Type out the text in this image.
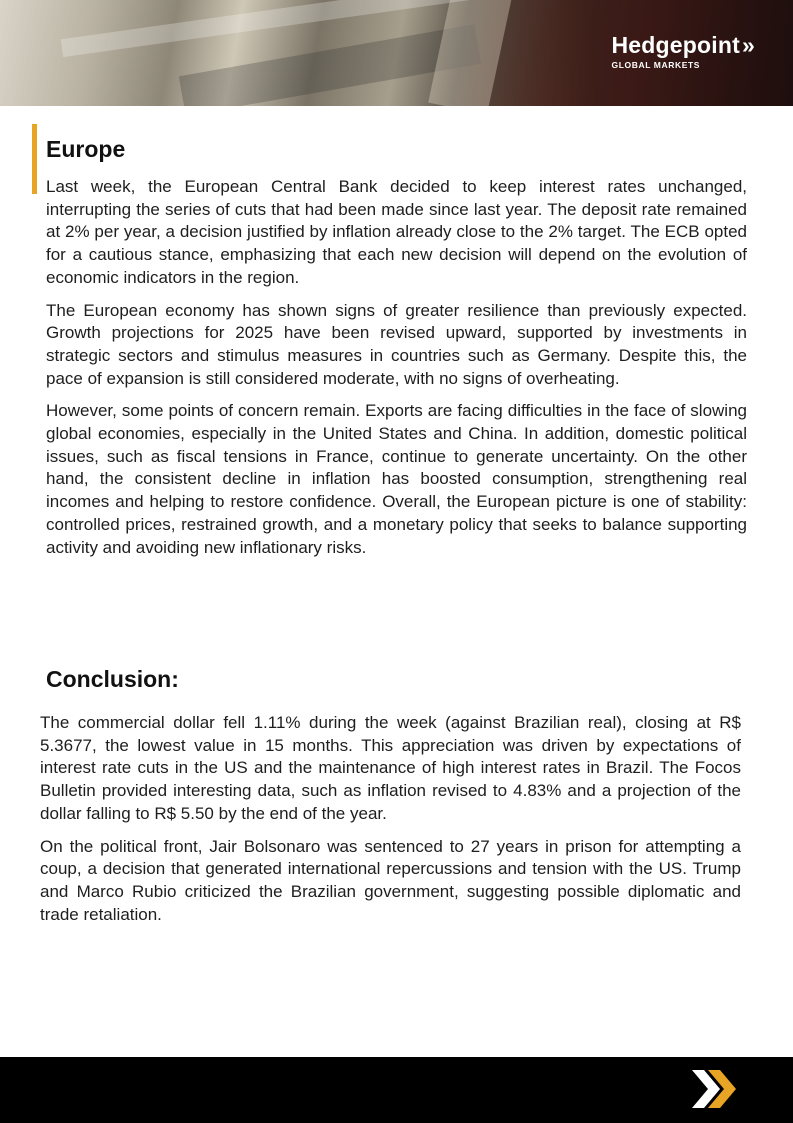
Hedgepoint»
GLOBAL MARKETS
Europe

Last week, the European Central Bank decided to keep interest rates unchanged, interrupting the series of cuts that had been made since last year. The deposit rate remained at 2% per year, a decision justified by inflation already close to the 2% target. The ECB opted for a cautious stance, emphasizing that each new decision will depend on the evolution of economic indicators in the region.

The European economy has shown signs of greater resilience than previously expected. Growth projections for 2025 have been revised upward, supported by investments in strategic sectors and stimulus measures in countries such as Germany. Despite this, the pace of expansion is still considered moderate, with no signs of overheating.

However, some points of concern remain. Exports are facing difficulties in the face of slowing global economies, especially in the United States and China. In addition, domestic political issues, such as fiscal tensions in France, continue to generate uncertainty. On the other hand, the consistent decline in inflation has boosted consumption, strengthening real incomes and helping to restore confidence. Overall, the European picture is one of stability: controlled prices, restrained growth, and a monetary policy that seeks to balance supporting activity and avoiding new inflationary risks.

Conclusion:

The commercial dollar fell 1.11% during the week (against Brazilian real), closing at R$ 5.3677, the lowest value in 15 months. This appreciation was driven by expectations of interest rate cuts in the US and the maintenance of high interest rates in Brazil. The Focos Bulletin provided interesting data, such as inflation revised to 4.83% and a projection of the dollar falling to R$ 5.50 by the end of the year.

On the political front, Jair Bolsonaro was sentenced to 27 years in prison for attempting a coup, a decision that generated international repercussions and tension with the US. Trump and Marco Rubio criticized the Brazilian government, suggesting possible diplomatic and trade retaliation.
